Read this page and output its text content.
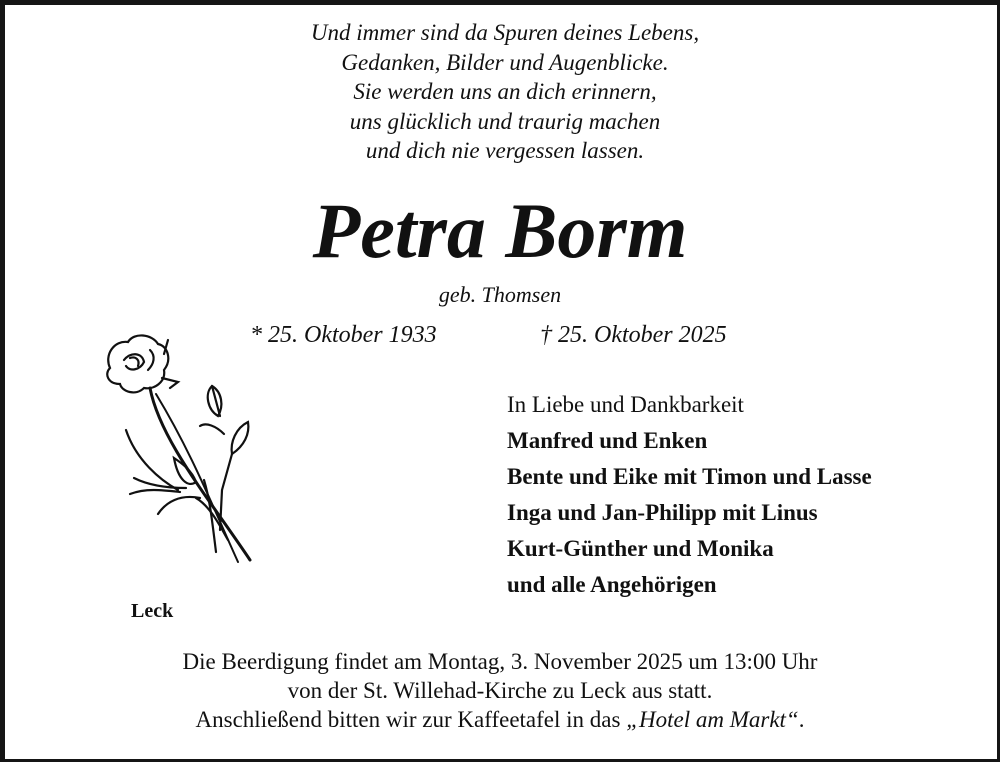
Und immer sind da Spuren deines Lebens,
Gedanken, Bilder und Augenblicke.
Sie werden uns an dich erinnern,
uns glücklich und traurig machen
und dich nie vergessen lassen.
Petra Borm
geb. Thomsen
* 25. Oktober 1933	† 25. Oktober 2025
In Liebe und Dankbarkeit
Manfred und Enken
Bente und Eike mit Timon und Lasse
Inga und Jan-Philipp mit Linus
Kurt-Günther und Monika
und alle Angehörigen
Leck
Die Beerdigung findet am Montag, 3. November 2025 um 13:00 Uhr
von der St. Willehad-Kirche zu Leck aus statt.
Anschließend bitten wir zur Kaffeetafel in das „Hotel am Markt“.
